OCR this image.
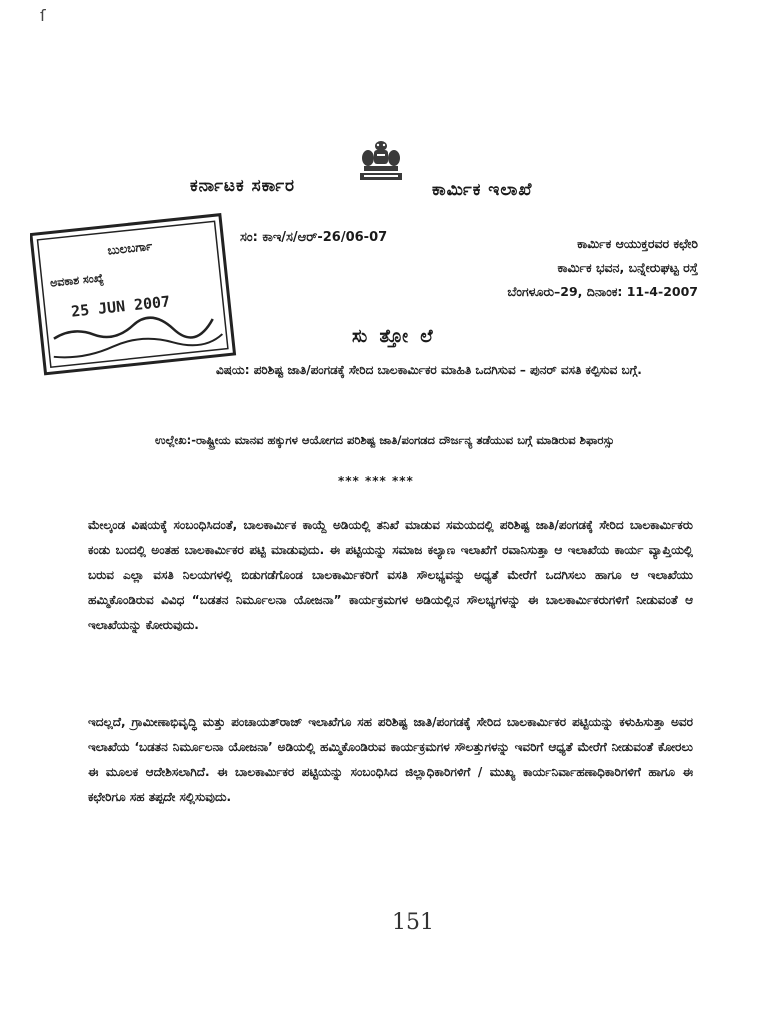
ſ
ಕರ್ನಾಟಕ ಸರ್ಕಾರ	ಕಾರ್ಮಿಕ ಇಲಾಖೆ
ಬುಲಬರ್ಗಾ
ಅವಕಾಶ ಸಂಖ್ಯೆ
25 JUN 2007
ಸಂ: ಕಾಇ/ಸ/ಆರ್-26/06-07	ಕಾರ್ಮಿಕ ಆಯುಕ್ತರವರ ಕಛೇರಿ
ಕಾರ್ಮಿಕ ಭವನ, ಬನ್ನೇರುಘಟ್ಟ ರಸ್ತೆ
ಬೆಂಗಳೂರು–29, ದಿನಾಂಕ: 11-4-2007
ಸು ತ್ತೋ ಲೆ
ವಿಷಯ: ಪರಿಶಿಷ್ಟ ಜಾತಿ/ಪಂಗಡಕ್ಕೆ ಸೇರಿದ ಬಾಲಕಾರ್ಮಿಕರ ಮಾಹಿತಿ ಒದಗಿಸುವ – ಪುನರ್ ವಸತಿ ಕಲ್ಪಿಸುವ ಬಗ್ಗೆ.
ಉಲ್ಲೇಖ:-ರಾಷ್ಟ್ರೀಯ ಮಾನವ ಹಕ್ಕುಗಳ ಆಯೋಗದ ಪರಿಶಿಷ್ಟ ಜಾತಿ/ಪಂಗಡದ ದೌರ್ಜನ್ಯ ತಡೆಯುವ ಬಗ್ಗೆ ಮಾಡಿರುವ ಶಿಫಾರಸ್ಸು
*** *** ***
ಮೇಲ್ಕಂಡ ವಿಷಯಕ್ಕೆ ಸಂಬಂಧಿಸಿದಂತೆ, ಬಾಲಕಾರ್ಮಿಕ ಕಾಯ್ದೆ ಅಡಿಯಲ್ಲಿ ತನಿಖೆ ಮಾಡುವ ಸಮಯದಲ್ಲಿ ಪರಿಶಿಷ್ಟ ಜಾತಿ/ಪಂಗಡಕ್ಕೆ ಸೇರಿದ ಬಾಲಕಾರ್ಮಿಕರು ಕಂಡು ಬಂದಲ್ಲಿ ಅಂತಹ ಬಾಲಕಾರ್ಮಿಕರ ಪಟ್ಟಿ ಮಾಡುವುದು. ಈ ಪಟ್ಟಿಯನ್ನು ಸಮಾಜ ಕಲ್ಯಾಣ ಇಲಾಖೆಗೆ ರವಾನಿಸುತ್ತಾ ಆ ಇಲಾಖೆಯ ಕಾರ್ಯ ವ್ಯಾಪ್ತಿಯಲ್ಲಿ ಬರುವ ಎಲ್ಲಾ ವಸತಿ ನಿಲಯಗಳಲ್ಲಿ ಬಿಡುಗಡೆಗೊಂಡ ಬಾಲಕಾರ್ಮಿಕರಿಗೆ ವಸತಿ ಸೌಲಭ್ಯವನ್ನು ಅಧ್ಯತೆ ಮೇರೆಗೆ ಒದಗಿಸಲು ಹಾಗೂ ಆ ಇಲಾಖೆಯು ಹಮ್ಮಿಕೊಂಡಿರುವ ವಿವಿಧ “ಬಡತನ ನಿರ್ಮೂಲನಾ ಯೋಜನಾ” ಕಾರ್ಯಕ್ರಮಗಳ ಅಡಿಯಲ್ಲಿನ ಸೌಲಭ್ಯಗಳನ್ನು ಈ ಬಾಲಕಾರ್ಮಿಕರುಗಳಿಗೆ ನೀಡುವಂತೆ ಆ ಇಲಾಖೆಯನ್ನು ಕೋರುವುದು.
ಇದಲ್ಲದೆ, ಗ್ರಾಮೀಣಾಭಿವೃದ್ಧಿ ಮತ್ತು ಪಂಚಾಯತ್‌ರಾಜ್ ಇಲಾಖೆಗೂ ಸಹ ಪರಿಶಿಷ್ಟ ಜಾತಿ/ಪಂಗಡಕ್ಕೆ ಸೇರಿದ ಬಾಲಕಾರ್ಮಿಕರ ಪಟ್ಟಿಯನ್ನು ಕಳುಹಿಸುತ್ತಾ ಅವರ ಇಲಾಖೆಯ ‘ಬಡತನ ನಿರ್ಮೂಲನಾ ಯೋಜನಾ’ ಅಡಿಯಲ್ಲಿ ಹಮ್ಮಿಕೊಂಡಿರುವ ಕಾರ್ಯಕ್ರಮಗಳ ಸೌಲತ್ತುಗಳನ್ನು ಇವರಿಗೆ ಆಧ್ಯತೆ ಮೇರೆಗೆ ನೀಡುವಂತೆ ಕೋರಲು ಈ ಮೂಲಕ ಆದೇಶಿಸಲಾಗಿದೆ. ಈ ಬಾಲಕಾರ್ಮಿಕರ ಪಟ್ಟಿಯನ್ನು ಸಂಬಂಧಿಸಿದ ಜಿಲ್ಲಾಧಿಕಾರಿಗಳಿಗೆ / ಮುಖ್ಯ ಕಾರ್ಯನಿರ್ವಾಹಣಾಧಿಕಾರಿಗಳಿಗೆ ಹಾಗೂ ಈ ಕಛೇರಿಗೂ ಸಹ ತಪ್ಪದೇ ಸಲ್ಲಿಸುವುದು.
151
